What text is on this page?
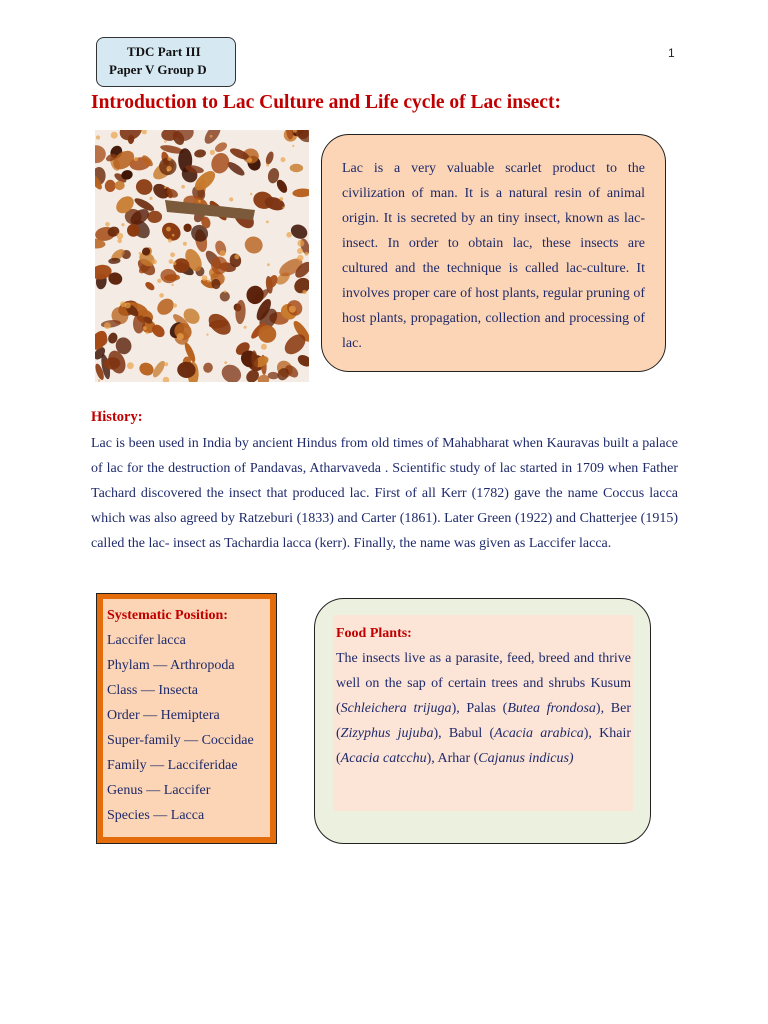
TDC Part III
Paper V Group D
1
Introduction to Lac Culture and Life cycle of Lac insect:
Lac is a very valuable scarlet product to the civilization of man. It is a natural resin of animal origin. It is secreted by an tiny insect, known as lac-insect. In order to obtain lac, these insects are cultured and the technique is called lac-culture. It involves proper care of host plants, regular pruning of host plants, propagation, collection and processing of lac.
History:
Lac is been used in India by ancient Hindus from old times of Mahabharat when Kauravas built a palace of lac for the destruction of Pandavas, Atharvaveda . Scientific study of lac started in 1709 when Father Tachard discovered the insect that produced lac. First of all Kerr (1782) gave the name Coccus lacca which was also agreed by Ratzeburi (1833) and Carter (1861). Later Green (1922) and Chatterjee (1915) called the lac- insect as Tachardia lacca (kerr). Finally, the name was given as Laccifer lacca.
Systematic Position:
Laccifer lacca
Phylam — Arthropoda
Class — Insecta
Order — Hemiptera
Super-family — Coccidae
Family — Lacciferidae
Genus — Laccifer
Species — Lacca
Food Plants:
The insects live as a parasite, feed, breed and thrive well on the sap of certain trees and shrubs Kusum (Schleichera trijuga), Palas (Butea frondosa), Ber (Zizyphus jujuba), Babul (Acacia arabica), Khair (Acacia catcchu), Arhar (Cajanus indicus)
